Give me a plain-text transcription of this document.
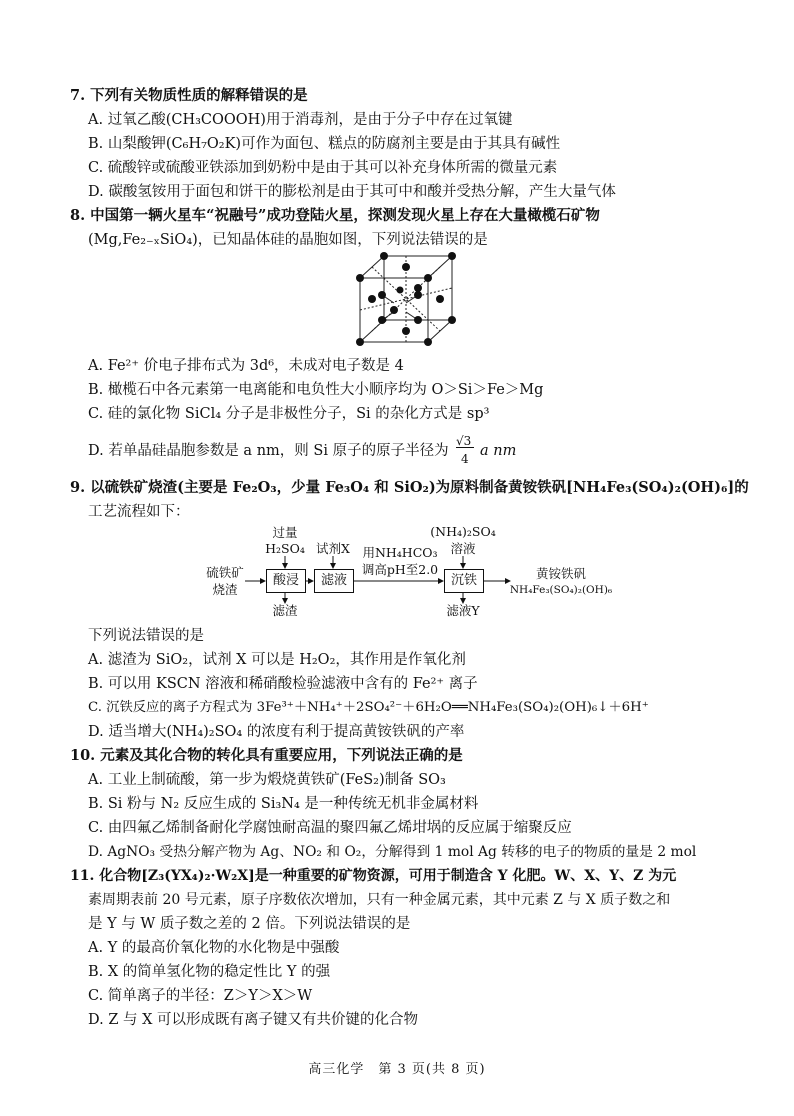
7. 下列有关物质性质的解释错误的是
A. 过氧乙酸(CH₃COOOH)用于消毒剂，是由于分子中存在过氧键
B. 山梨酸钾(C₆H₇O₂K)可作为面包、糕点的防腐剂主要是由于其具有碱性
C. 硫酸锌或硫酸亚铁添加到奶粉中是由于其可以补充身体所需的微量元素
D. 碳酸氢铵用于面包和饼干的膨松剂是由于其可中和酸并受热分解，产生大量气体
8. 中国第一辆火星车“祝融号”成功登陆火星，探测发现火星上存在大量橄榄石矿物
(Mg,Fe₂₋ₓSiO₄)，已知晶体硅的晶胞如图，下列说法错误的是
A. Fe²⁺ 价电子排布式为 3d⁶，未成对电子数是 4
B. 橄榄石中各元素第一电离能和电负性大小顺序均为 O＞Si＞Fe＞Mg
C. 硅的氯化物 SiCl₄ 分子是非极性分子，Si 的杂化方式是 sp³
D. 若单晶硅晶胞参数是 a nm，则 Si 原子的原子半径为
√3
4 a nm
9. 以硫铁矿烧渣(主要是 Fe₂O₃，少量 Fe₃O₄ 和 SiO₂)为原料制备黄铵铁矾[NH₄Fe₃(SO₄)₂(OH)₆]的
工艺流程如下：
硫铁矿
烧渣
过量
H₂SO₄
酸浸
滤渣
试剂X
滤液
用NH₄HCO₃
调高pH至2.0
(NH₄)₂SO₄
溶液
沉铁
滤液Y
黄铵铁矾
NH₄Fe₃(SO₄)₂(OH)₆
下列说法错误的是
A. 滤渣为 SiO₂，试剂 X 可以是 H₂O₂，其作用是作氧化剂
B. 可以用 KSCN 溶液和稀硝酸检验滤液中含有的 Fe²⁺ 离子
C. 沉铁反应的离子方程式为 3Fe³⁺＋NH₄⁺＋2SO₄²⁻＋6H₂O══NH₄Fe₃(SO₄)₂(OH)₆↓＋6H⁺
D. 适当增大(NH₄)₂SO₄ 的浓度有利于提高黄铵铁矾的产率
10. 元素及其化合物的转化具有重要应用，下列说法正确的是
A. 工业上制硫酸，第一步为煅烧黄铁矿(FeS₂)制备 SO₃
B. Si 粉与 N₂ 反应生成的 Si₃N₄ 是一种传统无机非金属材料
C. 由四氟乙烯制备耐化学腐蚀耐高温的聚四氟乙烯坩埚的反应属于缩聚反应
D. AgNO₃ 受热分解产物为 Ag、NO₂ 和 O₂，分解得到 1 mol Ag 转移的电子的物质的量是 2 mol
11. 化合物[Z₃(YX₄)₂·W₂X]是一种重要的矿物资源，可用于制造含 Y 化肥。W、X、Y、Z 为元
素周期表前 20 号元素，原子序数依次增加，只有一种金属元素，其中元素 Z 与 X 质子数之和
是 Y 与 W 质子数之差的 2 倍。下列说法错误的是
A. Y 的最高价氧化物的水化物是中强酸
B. X 的简单氢化物的稳定性比 Y 的强
C. 简单离子的半径：Z＞Y＞X＞W
D. Z 与 X 可以形成既有离子键又有共价键的化合物
高三化学　第 3 页(共 8 页)
